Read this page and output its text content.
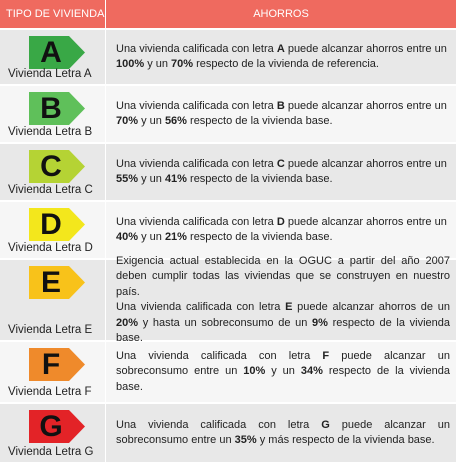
TIPO DE VIVIENDA	AHORROS
A
Vivienda Letra A
Una vivienda calificada con letra A puede alcanzar ahorros entre un 100% y un 70% respecto de la vivienda de referencia.
B
Vivienda Letra B
Una vivienda calificada con letra B puede alcanzar ahorros entre un 70% y un 56% respecto de la vivienda base.
C
Vivienda Letra C
Una vivienda calificada con letra C puede alcanzar ahorros entre un 55% y un 41% respecto de la vivienda base.
D
Vivienda Letra D
Una vivienda calificada con letra D puede alcanzar ahorros entre un 40% y un 21% respecto de la vivienda base.
E
Vivienda Letra E
Exigencia actual establecida en la OGUC a partir del año 2007 deben cumplir todas las viviendas que se construyen en nuestro país.
Una vivienda calificada con letra E puede alcanzar ahorros de un 20% y hasta un sobreconsumo de un 9% respecto de la vivienda base.
F
Vivienda Letra F
Una vivienda calificada con letra F puede alcanzar un sobreconsumo entre un 10% y un 34% respecto de la vivienda base.
G
Vivienda Letra G
Una vivienda calificada con letra G puede alcanzar un sobreconsumo entre un 35% y más respecto de la vivienda base.
